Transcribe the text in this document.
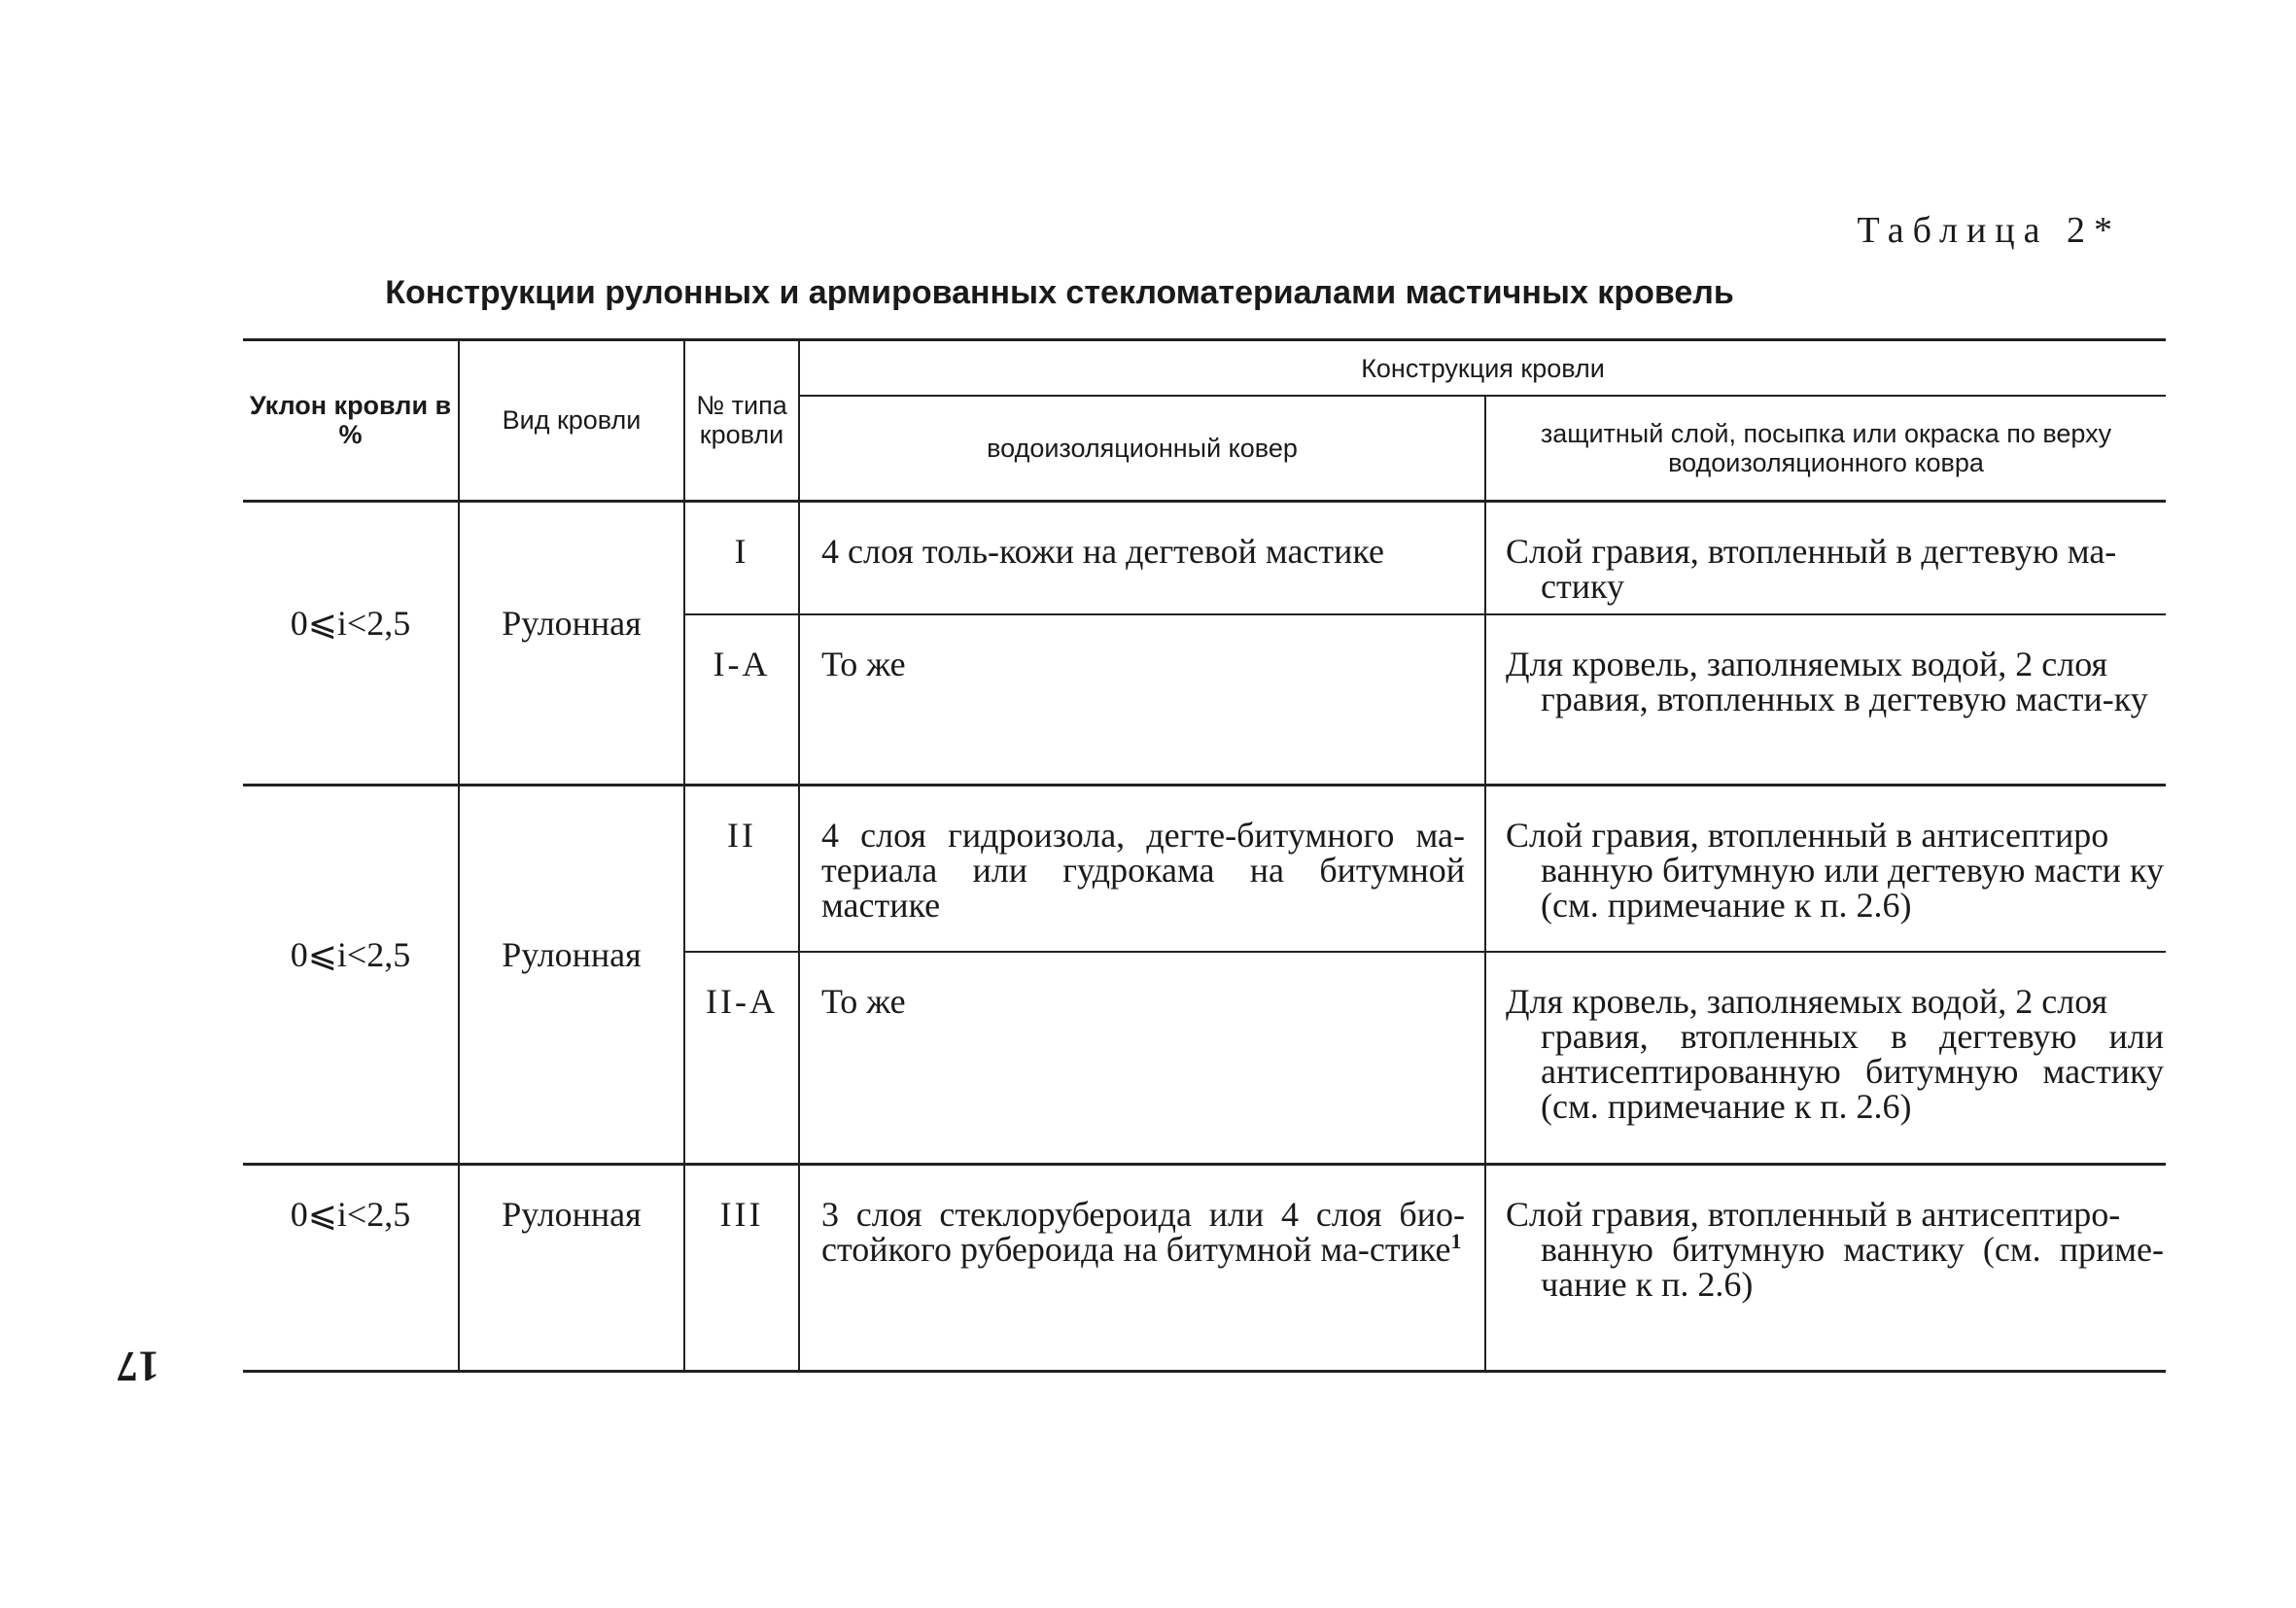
Таблица 2*
Конструкции рулонных и армированных стекломатериалами мастичных кровель
Уклон кровли в %	Вид кровли	№ типа кровли	Конструкция кровли	
			водоизоляционный ковер	защитный слой, посыпка или окраска по верху водоизоляционного ковра
0⩽i<2,5	Рулонная	I	4 слоя толь-кожи на дегтевой мастике	Слой гравия, втопленный в дегтевую ма-
стику

		I-А	То же	Для кровель, заполняемых водой, 2 слоя
гравия, втопленных в дегтевую масти-ку

0⩽i<2,5	Рулонная	II	4 слоя гидроизола, дегте-битумного ма-териала или гудрокама на битумной мастике	Слой гравия, втопленный в антисептиро
ванную битумную или дегтевую масти ку (см. примечание к п. 2.6)

		II-А	То же	Для кровель, заполняемых водой, 2 слоя
гравия, втопленных в дегтевую или антисептированную битумную мастику (см. примечание к п. 2.6)

0⩽i<2,5	Рулонная	III	3 слоя стеклорубероида или 4 слоя био-стойкого рубероида на битумной ма-стике$^1$	Слой гравия, втопленный в антисептиро-
ванную битумную мастику (см. приме-чание к п. 2.6)
17
